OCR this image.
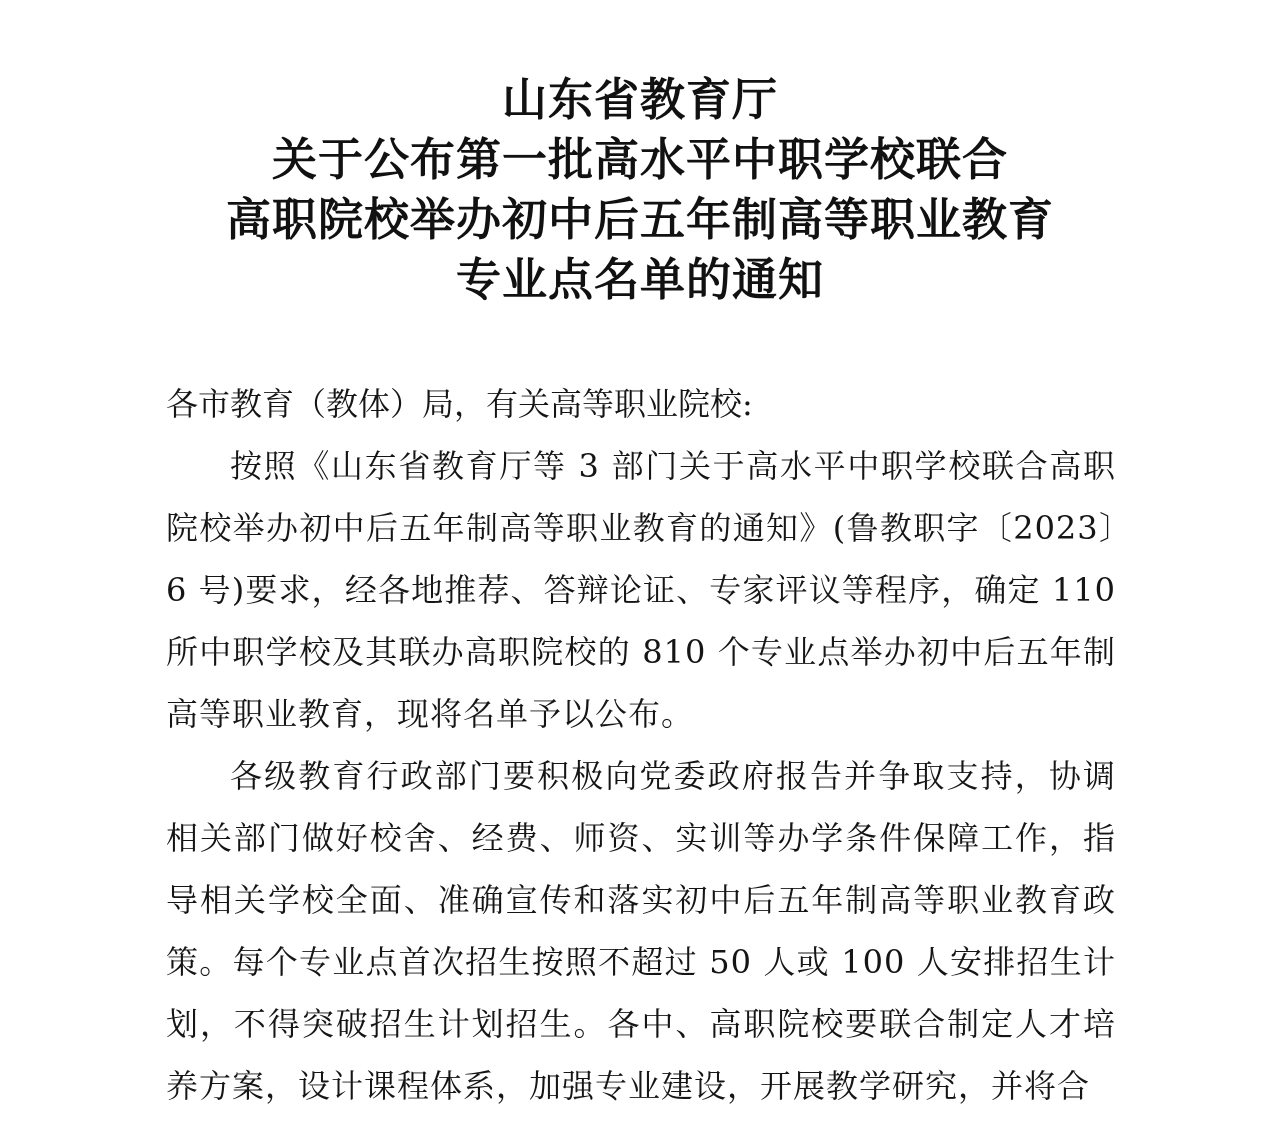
山东省教育厅
关于公布第一批高水平中职学校联合
高职院校举办初中后五年制高等职业教育
专业点名单的通知

各市教育（教体）局，有关高等职业院校:

按照《山东省教育厅等 3 部门关于高水平中职学校联合高职院校举办初中后五年制高等职业教育的通知》(鲁教职字〔2023〕6 号)要求，经各地推荐、答辩论证、专家评议等程序，确定 110 所中职学校及其联办高职院校的 810 个专业点举办初中后五年制高等职业教育，现将名单予以公布。

各级教育行政部门要积极向党委政府报告并争取支持，协调相关部门做好校舍、经费、师资、实训等办学条件保障工作，指导相关学校全面、准确宣传和落实初中后五年制高等职业教育政策。每个专业点首次招生按照不超过 50 人或 100 人安排招生计划，不得突破招生计划招生。各中、高职院校要联合制定人才培养方案，设计课程体系，加强专业建设，开展教学研究，并将合
